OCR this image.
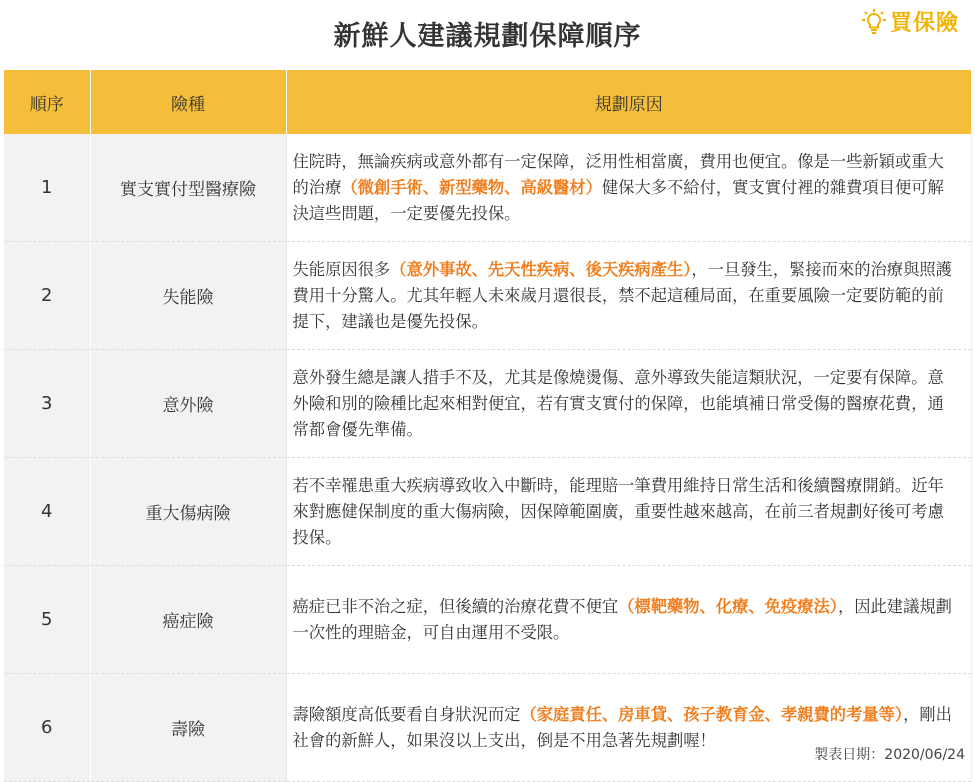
新鮮人建議規劃保障順序	買保險
順序	險種	規劃原因
1	實支實付型醫療險	住院時，無論疾病或意外都有一定保障，泛用性相當廣，費用也便宜。像是一些新穎或重大的治療（微創手術、新型藥物、高級醫材）健保大多不給付，實支實付裡的雜費項目便可解決這些問題，一定要優先投保。
2	失能險	失能原因很多（意外事故、先天性疾病、後天疾病產生），一旦發生，緊接而來的治療與照護費用十分驚人。尤其年輕人未來歲月還很長，禁不起這種局面，在重要風險一定要防範的前提下，建議也是優先投保。
3	意外險	意外發生總是讓人措手不及，尤其是像燒燙傷、意外導致失能這類狀況，一定要有保障。意外險和別的險種比起來相對便宜，若有實支實付的保障，也能填補日常受傷的醫療花費，通常都會優先準備。
4	重大傷病險	若不幸罹患重大疾病導致收入中斷時，能理賠一筆費用維持日常生活和後續醫療開銷。近年來對應健保制度的重大傷病險，因保障範圍廣，重要性越來越高，在前三者規劃好後可考慮投保。
5	癌症險	癌症已非不治之症，但後續的治療花費不便宜（標靶藥物、化療、免疫療法），因此建議規劃一次性的理賠金，可自由運用不受限。
6	壽險	壽險額度高低要看自身狀況而定（家庭責任、房車貸、孩子教育金、孝親費的考量等），剛出社會的新鮮人，如果沒以上支出，倒是不用急著先規劃喔！
製表日期：2020/06/24
